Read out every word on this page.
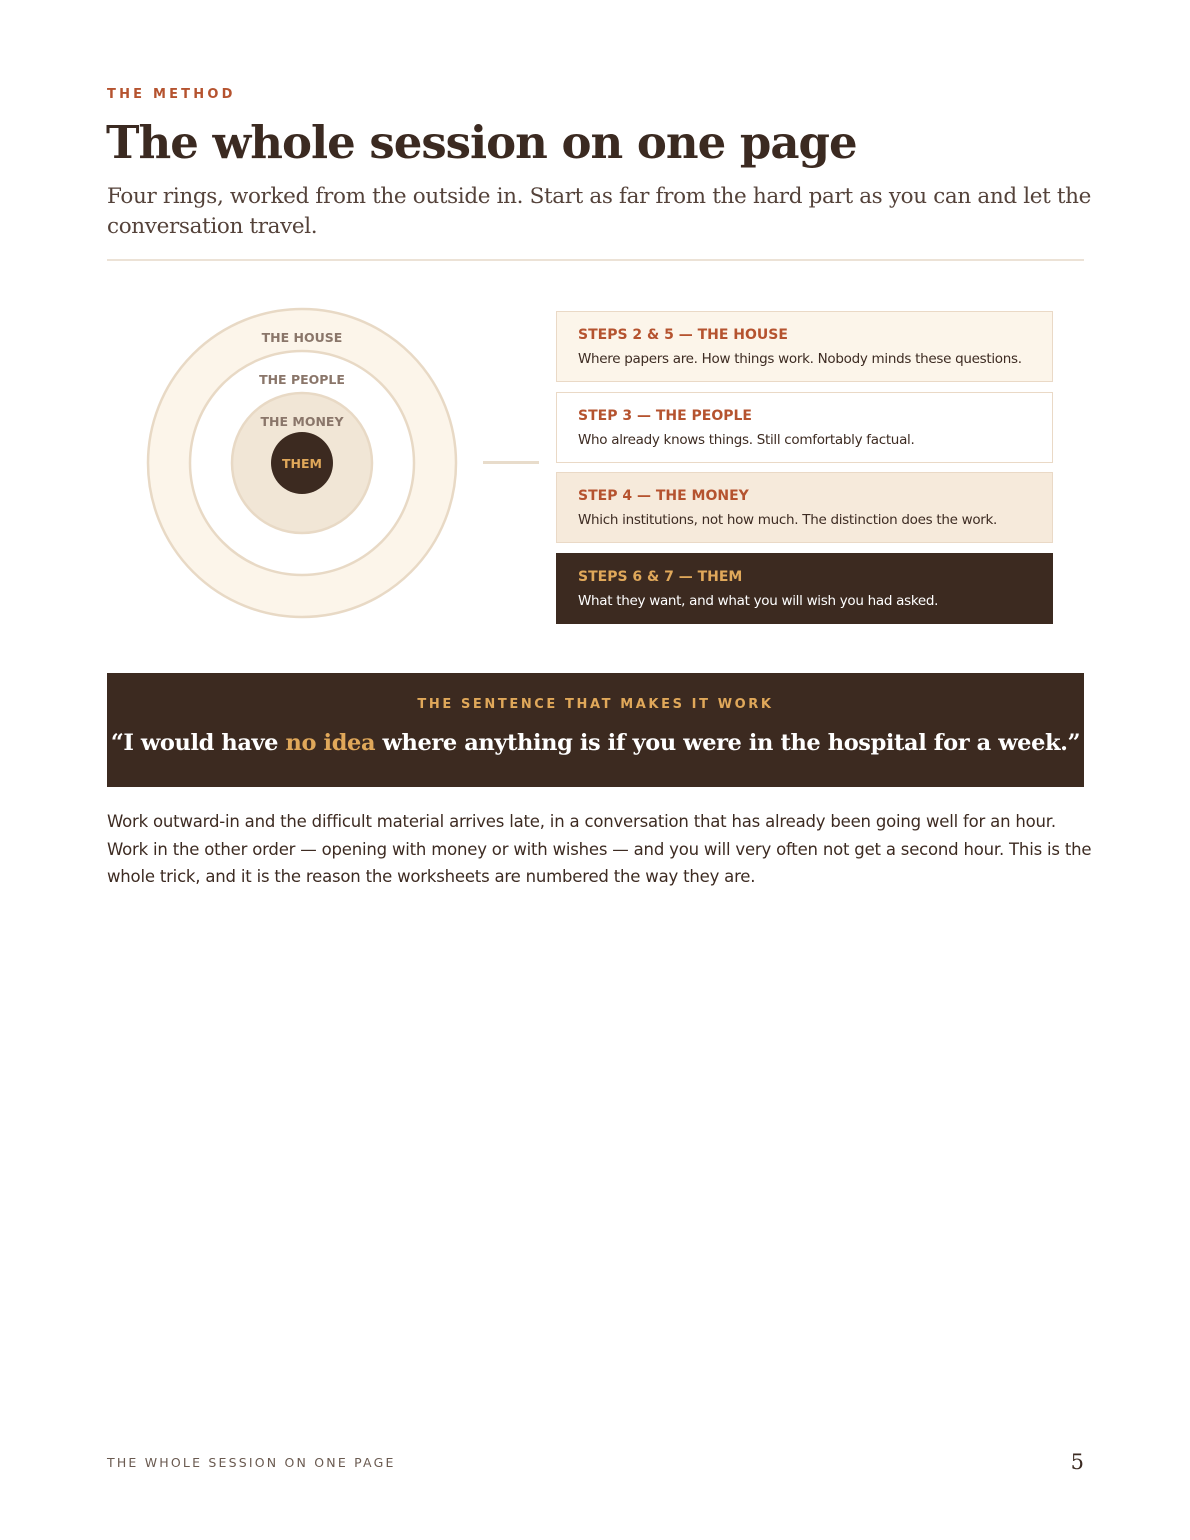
THE METHOD
The whole session on one page

Four rings, worked from the outside in. Start as far from the hard part as you can and let the conversation travel.

THE HOUSE
THE PEOPLE
THE MONEY
THEM
STEPS 2 & 5 — THE HOUSE
Where papers are. How things work. Nobody minds these questions.
STEP 3 — THE PEOPLE
Who already knows things. Still comfortably factual.
STEP 4 — THE MONEY
Which institutions, not how much. The distinction does the work.
STEPS 6 & 7 — THEM
What they want, and what you will wish you had asked.
THE SENTENCE THAT MAKES IT WORK
“I would have no idea where anything is if you were in the hospital for a week.”

Work outward-in and the difficult material arrives late, in a conversation that has already been going well for an hour. Work in the other order — opening with money or with wishes — and you will very often not get a second hour. This is the whole trick, and it is the reason the worksheets are numbered the way they are.

THE WHOLE SESSION ON ONE PAGE	5
